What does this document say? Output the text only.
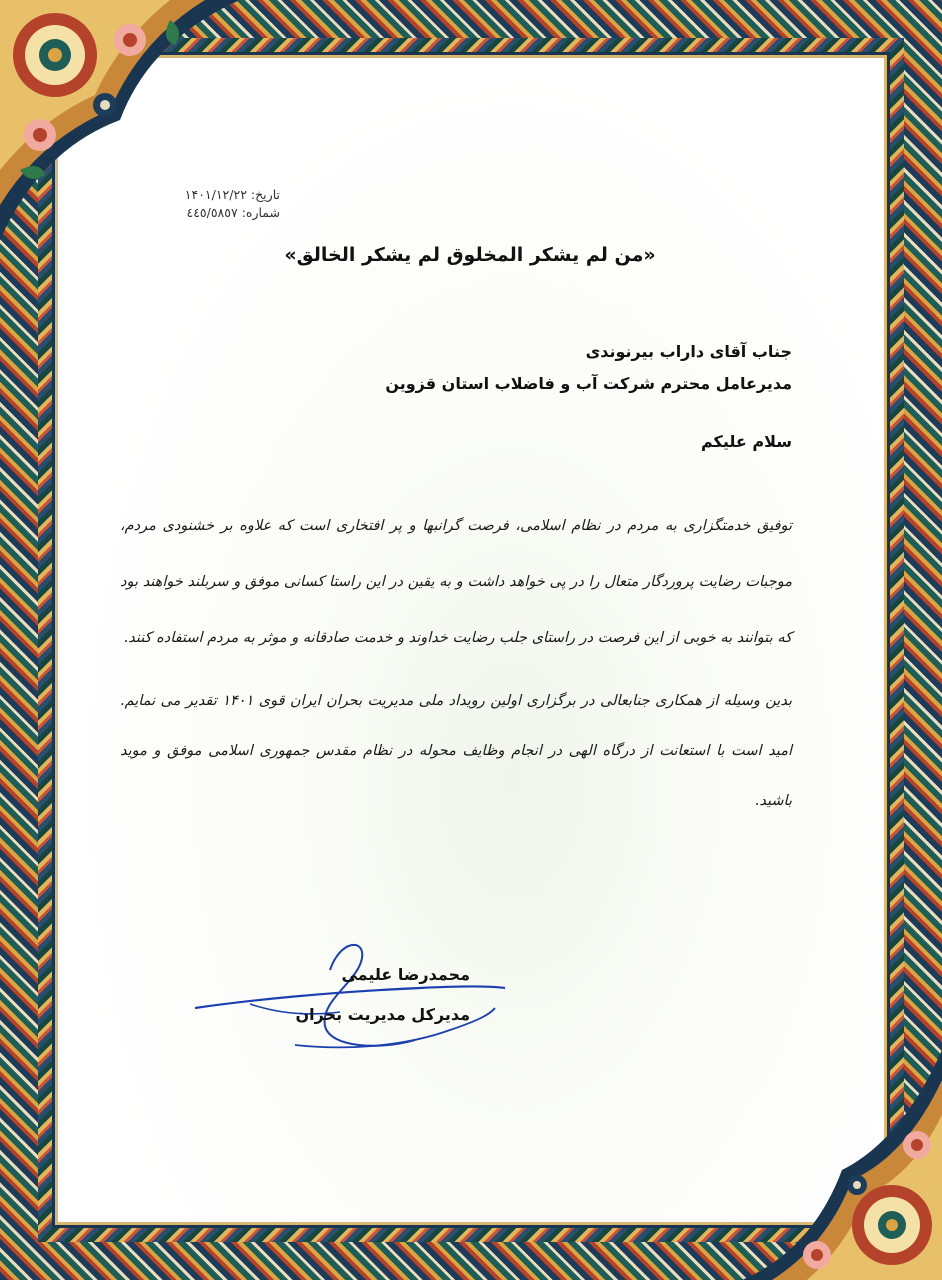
تاریخ: ۱۴۰۱/۱۲/۲۲
شماره: ٤٤٥/٥٨٥٧
«من لم یشکر المخلوق لم یشکر الخالق»
جناب آقای داراب بیرنوندی
مدیرعامل محترم شرکت آب و فاضلاب استان قزوین
سلام علیکم

توفیق خدمتگزاری به مردم در نظام اسلامی، فرصت گرانبها و پر افتخاری است که علاوه بر خشنودی مردم، موجبات رضایت پروردگار متعال را در پی خواهد داشت و به یقین در این راستا کسانی موفق و سربلند خواهند بود که بتوانند به خوبی از این فرصت در راستای جلب رضایت خداوند و خدمت صادقانه و موثر به مردم استفاده کنند.

بدین وسیله از همکاری جنابعالی در برگزاری اولین رویداد ملی مدیریت بحران ایران قوی ۱۴۰۱ تقدیر می نمایم. امید است با استعانت از درگاه الهی در انجام وظایف محوله در نظام مقدس جمهوری اسلامی موفق و موید باشید.

محمدرضا علیمی
مدیرکل مدیریت بحران
